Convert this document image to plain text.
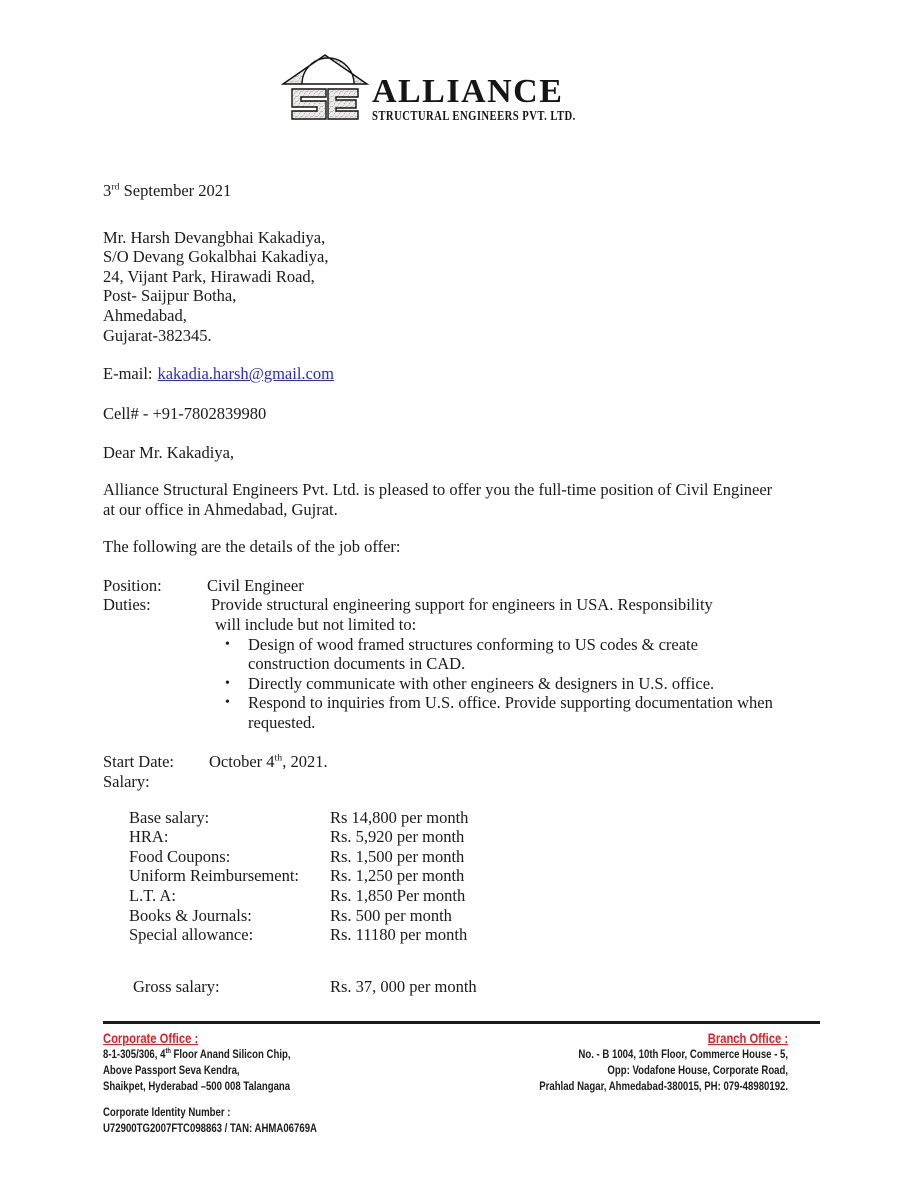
ALLIANCE
STRUCTURAL ENGINEERS PVT. LTD.
3rd September 2021
Mr. Harsh Devangbhai Kakadiya,
S/O Devang Gokalbhai Kakadiya,
24, Vijant Park, Hirawadi Road,
Post- Saijpur Botha,
Ahmedabad,
Gujarat-382345.
E-mail: kakadia.harsh@gmail.com
Cell# - +91-7802839980
Dear Mr. Kakadiya,
Alliance Structural Engineers Pvt. Ltd. is pleased to offer you the full-time position of Civil Engineer
at our office in Ahmedabad, Gujrat.
The following are the details of the job offer:
Position:	Civil Engineer
Duties:	Provide structural engineering support for engineers in USA. Responsibility
will include but not limited to:
•	Design of wood framed structures conforming to US codes & create
construction documents in CAD.
•	Directly communicate with other engineers & designers in U.S. office.
•	Respond to inquiries from U.S. office. Provide supporting documentation when
requested.
Start Date:	October 4th, 2021.
Salary:
Base salary:	Rs 14,800 per month
HRA:	Rs. 5,920 per month
Food Coupons:	Rs. 1,500 per month
Uniform Reimbursement:	Rs. 1,250 per month
L.T. A:	Rs. 1,850 Per month
Books & Journals:	Rs. 500 per month
Special allowance:	Rs. 11180 per month
Gross salary:	Rs. 37, 000 per month
Corporate Office :
8-1-305/306, 4th Floor Anand Silicon Chip,
Above Passport Seva Kendra,
Shaikpet, Hyderabad –500 008 Talangana
Branch Office :
No. - B 1004, 10th Floor, Commerce House - 5,
Opp: Vodafone House, Corporate Road,
Prahlad Nagar, Ahmedabad-380015, PH: 079-48980192.
Corporate Identity Number :
U72900TG2007FTC098863 / TAN: AHMA06769A
